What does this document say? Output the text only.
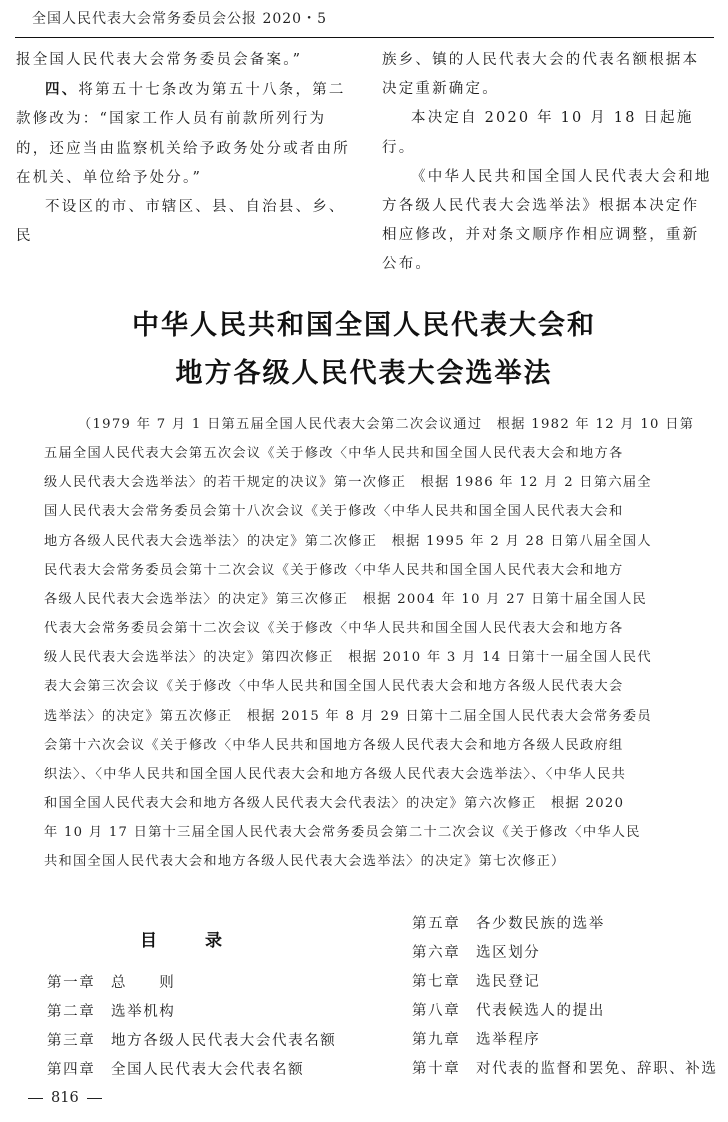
全国人民代表大会常务委员会公报 2020・5

报全国人民代表大会常务委员会备案。”

四、将第五十七条改为第五十八条，第二款修改为：“国家工作人员有前款所列行为的，还应当由监察机关给予政务处分或者由所在机关、单位给予处分。”

不设区的市、市辖区、县、自治县、乡、民

族乡、镇的人民代表大会的代表名额根据本决定重新确定。

本决定自 2020 年 10 月 18 日起施行。

《中华人民共和国全国人民代表大会和地方各级人民代表大会选举法》根据本决定作相应修改，并对条文顺序作相应调整，重新公布。

中华人民共和国全国人民代表大会和
地方各级人民代表大会选举法
（1979 年 7 月 1 日第五届全国人民代表大会第二次会议通过　根据 1982 年 12 月 10 日第
五届全国人民代表大会第五次会议《关于修改〈中华人民共和国全国人民代表大会和地方各
级人民代表大会选举法〉的若干规定的决议》第一次修正　根据 1986 年 12 月 2 日第六届全
国人民代表大会常务委员会第十八次会议《关于修改〈中华人民共和国全国人民代表大会和
地方各级人民代表大会选举法〉的决定》第二次修正　根据 1995 年 2 月 28 日第八届全国人
民代表大会常务委员会第十二次会议《关于修改〈中华人民共和国全国人民代表大会和地方
各级人民代表大会选举法〉的决定》第三次修正　根据 2004 年 10 月 27 日第十届全国人民
代表大会常务委员会第十二次会议《关于修改〈中华人民共和国全国人民代表大会和地方各
级人民代表大会选举法〉的决定》第四次修正　根据 2010 年 3 月 14 日第十一届全国人民代
表大会第三次会议《关于修改〈中华人民共和国全国人民代表大会和地方各级人民代表大会
选举法〉的决定》第五次修正　根据 2015 年 8 月 29 日第十二届全国人民代表大会常务委员
会第十六次会议《关于修改〈中华人民共和国地方各级人民代表大会和地方各级人民政府组
织法〉、〈中华人民共和国全国人民代表大会和地方各级人民代表大会选举法〉、〈中华人民共
和国全国人民代表大会和地方各级人民代表大会代表法〉的决定》第六次修正　根据 2020
年 10 月 17 日第十三届全国人民代表大会常务委员会第二十二次会议《关于修改〈中华人民
共和国全国人民代表大会和地方各级人民代表大会选举法〉的决定》第七次修正）
目	录
第一章 总　　则
第二章 选举机构
第三章 地方各级人民代表大会代表名额
第四章 全国人民代表大会代表名额
第五章 各少数民族的选举
第六章 选区划分
第七章 选民登记
第八章 代表候选人的提出
第九章 选举程序
第十章 对代表的监督和罢免、辞职、补选
816
